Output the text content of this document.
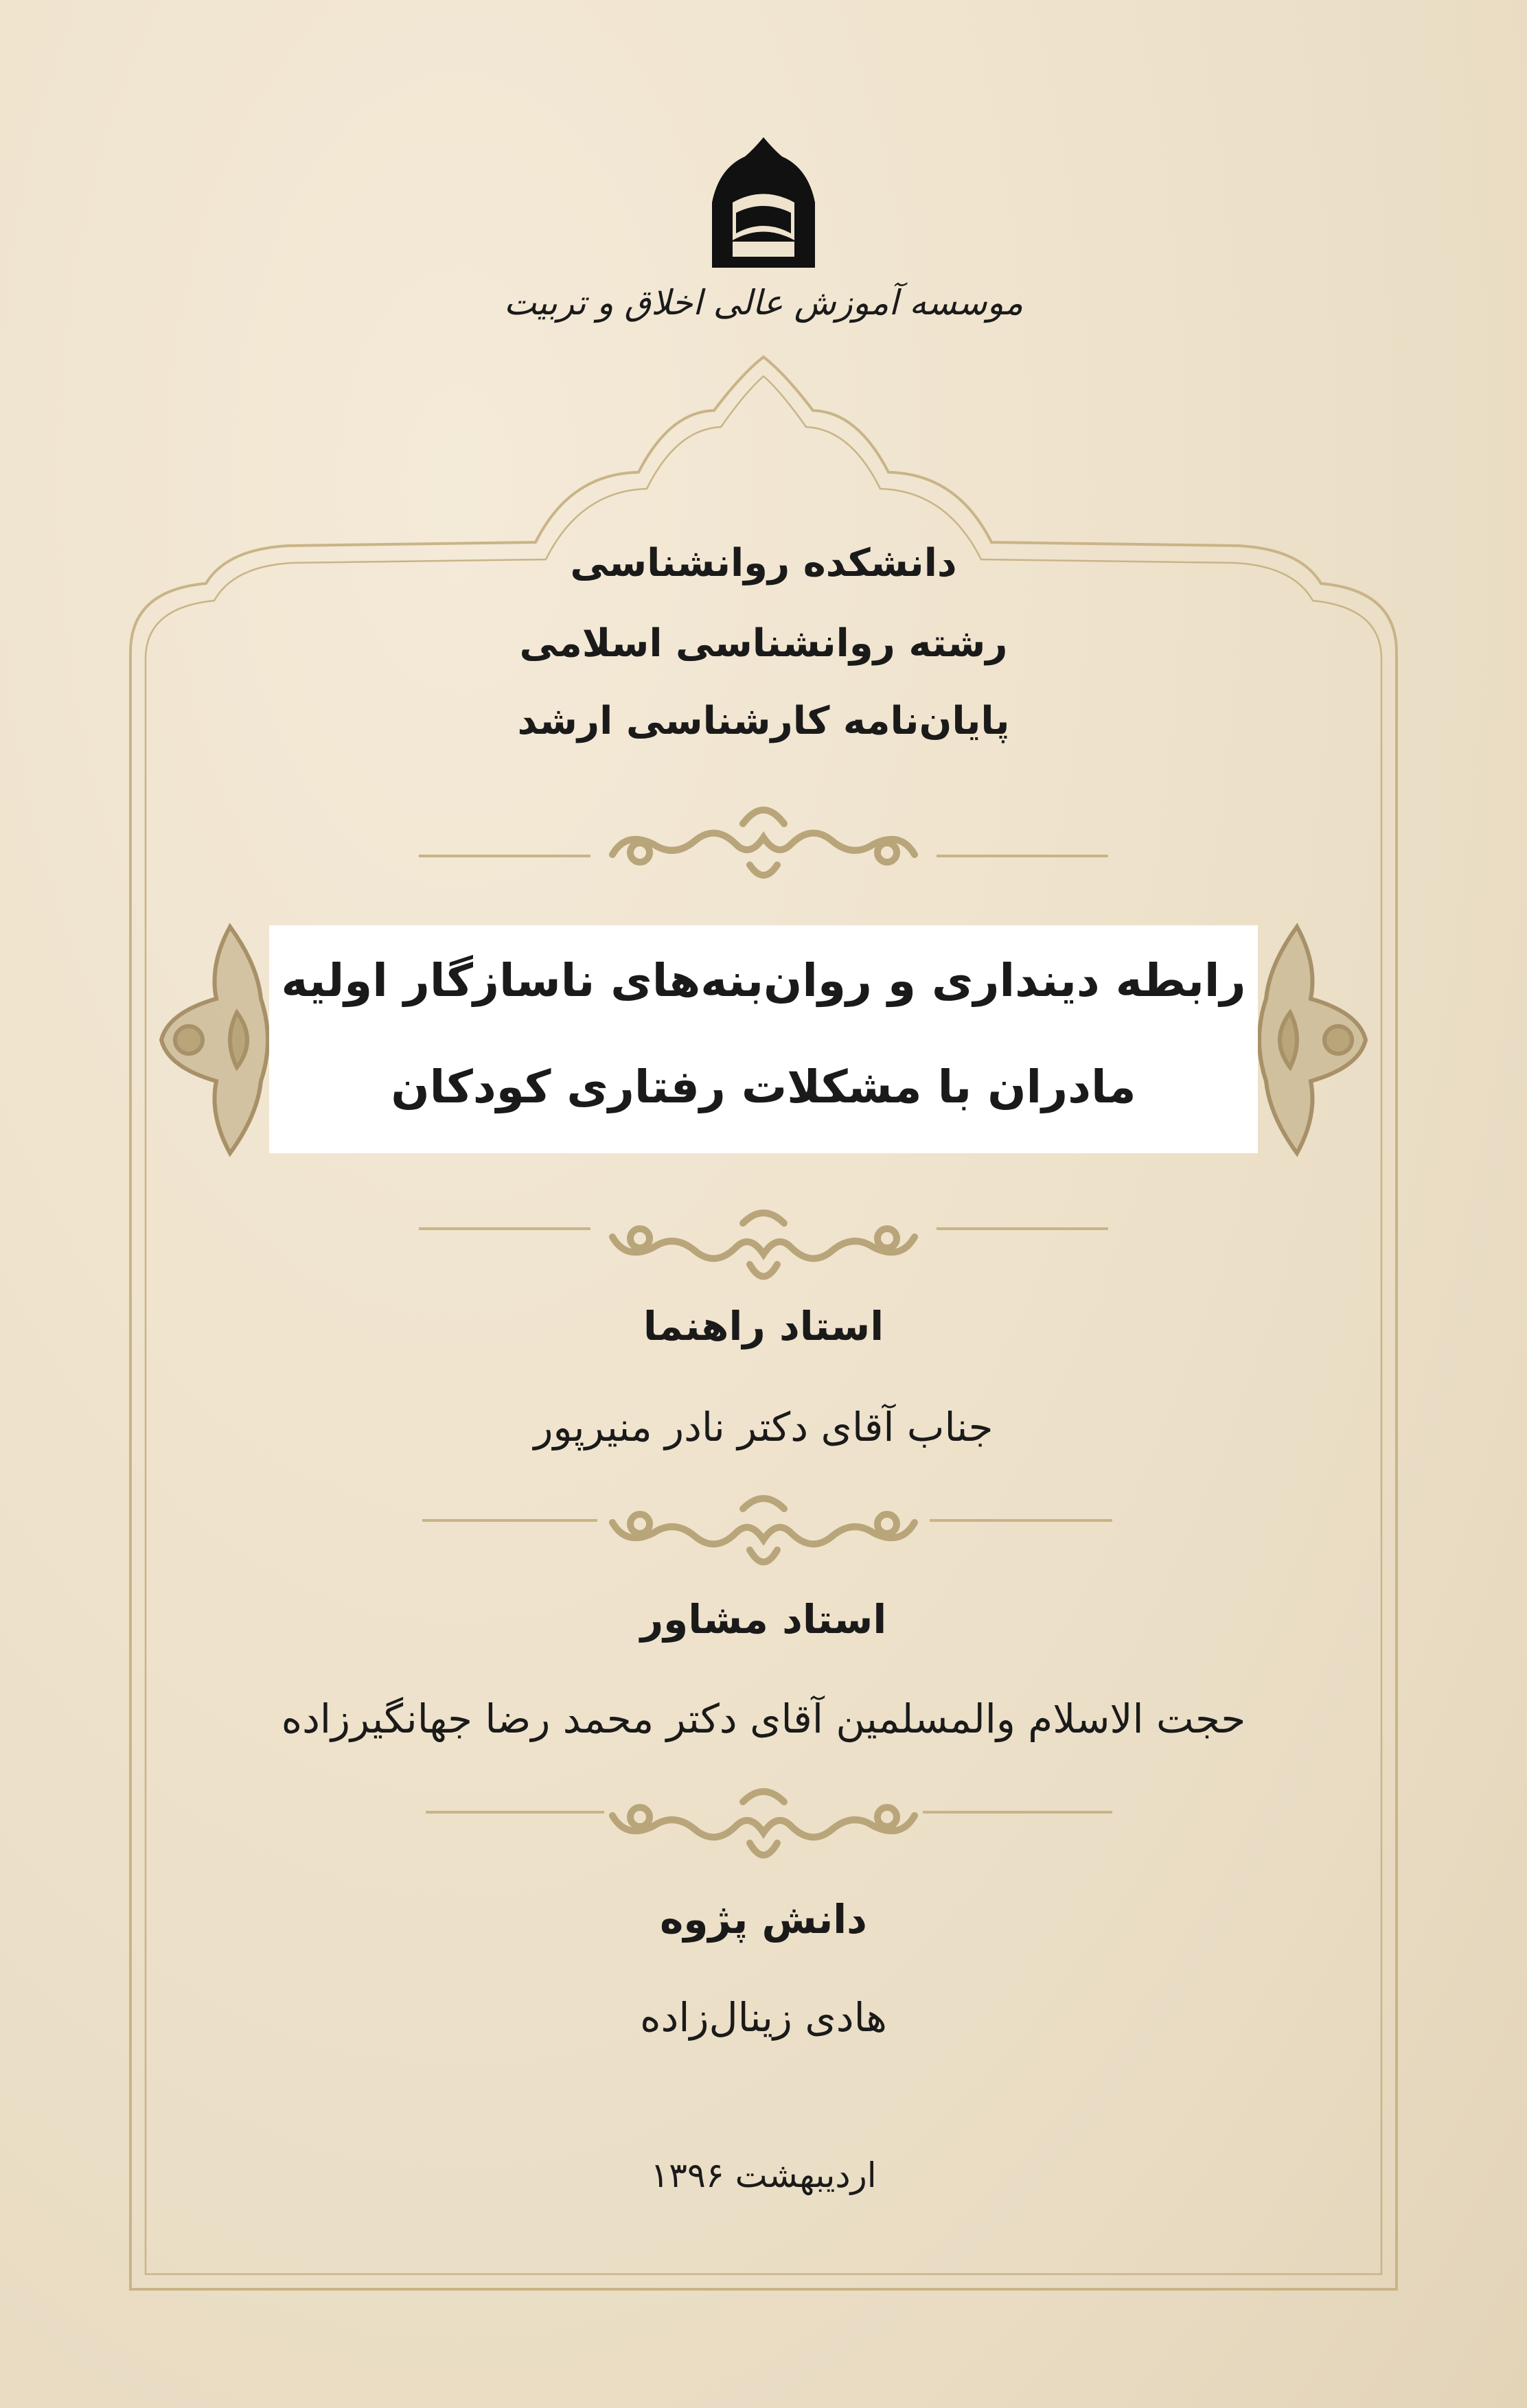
موسسه آموزش عالی اخلاق و تربیت
دانشکده روانشناسی
رشته روانشناسی اسلامی
پایان‌نامه کارشناسی ارشد
رابطه دینداری و روان‌بنه‌های ناسازگار اولیه
مادران با مشکلات رفتاری کودکان
استاد راهنما
جناب آقای دکتر نادر منیرپور
استاد مشاور
حجت الاسلام والمسلمین آقای دکتر محمد رضا جهانگیرزاده
دانش پژوه
هادی زینال‌زاده
اردیبهشت ۱۳۹۶
